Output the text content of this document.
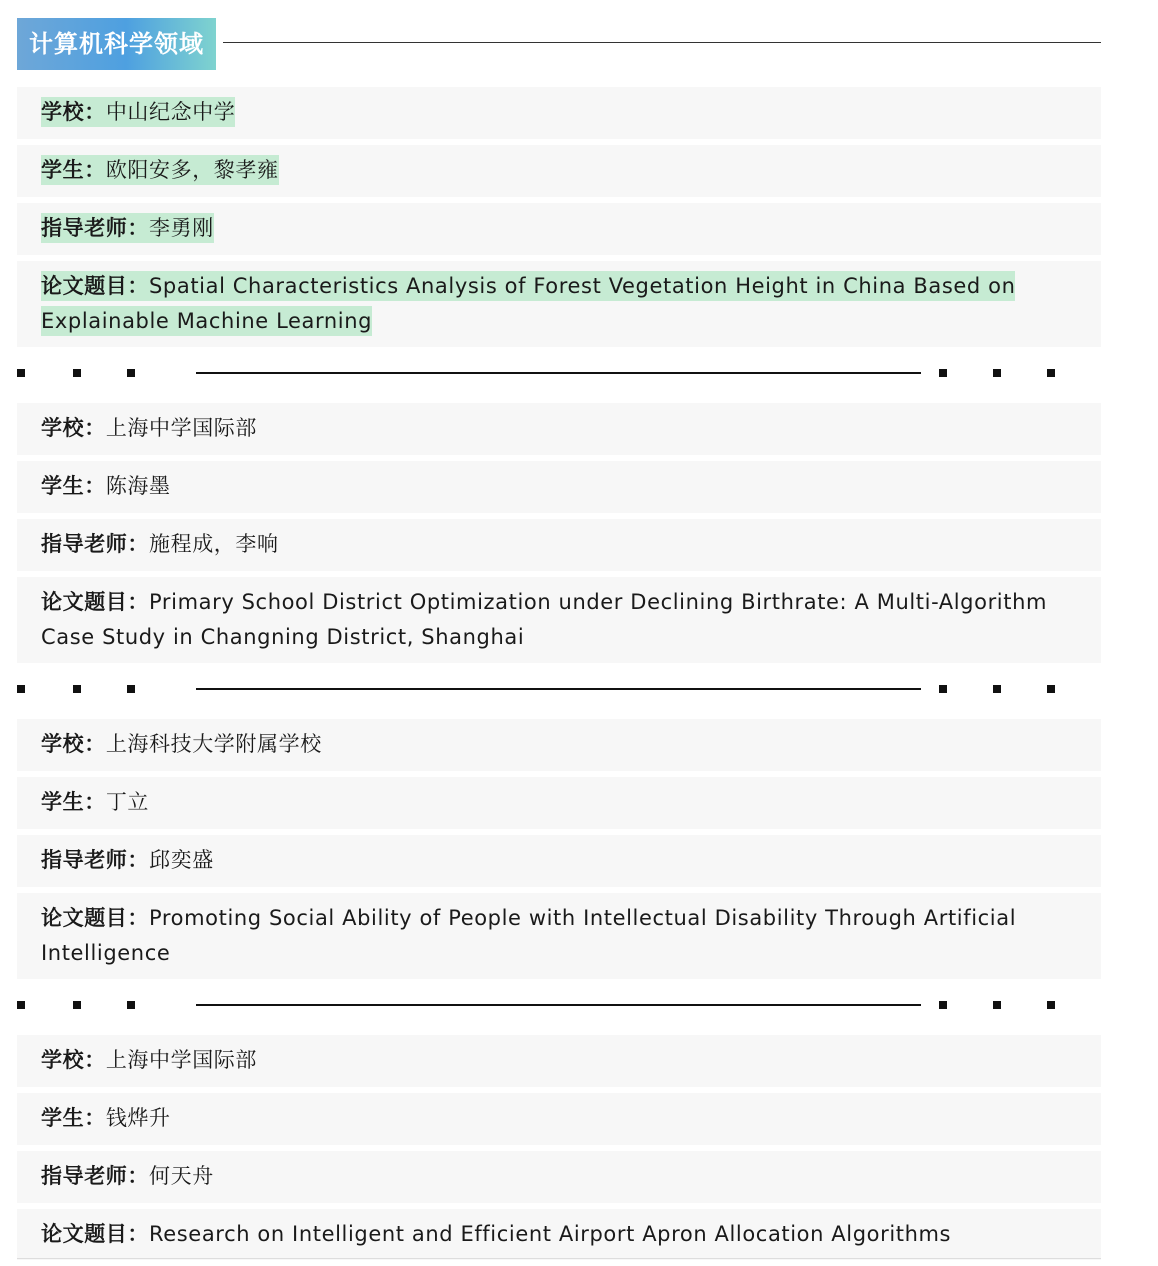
计算机科学领域
学校：中山纪念中学
学生：欧阳安多，黎孝雍
指导老师：李勇刚
论文题目：Spatial Characteristics Analysis of Forest Vegetation Height in China Based on Explainable Machine Learning
学校：上海中学国际部
学生：陈海墨
指导老师：施程成，李响
论文题目：Primary School District Optimization under Declining Birthrate: A Multi-Algorithm Case Study in Changning District, Shanghai
学校：上海科技大学附属学校
学生：丁立
指导老师：邱奕盛
论文题目：Promoting Social Ability of People with Intellectual Disability Through Artificial Intelligence
学校：上海中学国际部
学生：钱烨升
指导老师：何天舟
论文题目：Research on Intelligent and Efficient Airport Apron Allocation Algorithms
